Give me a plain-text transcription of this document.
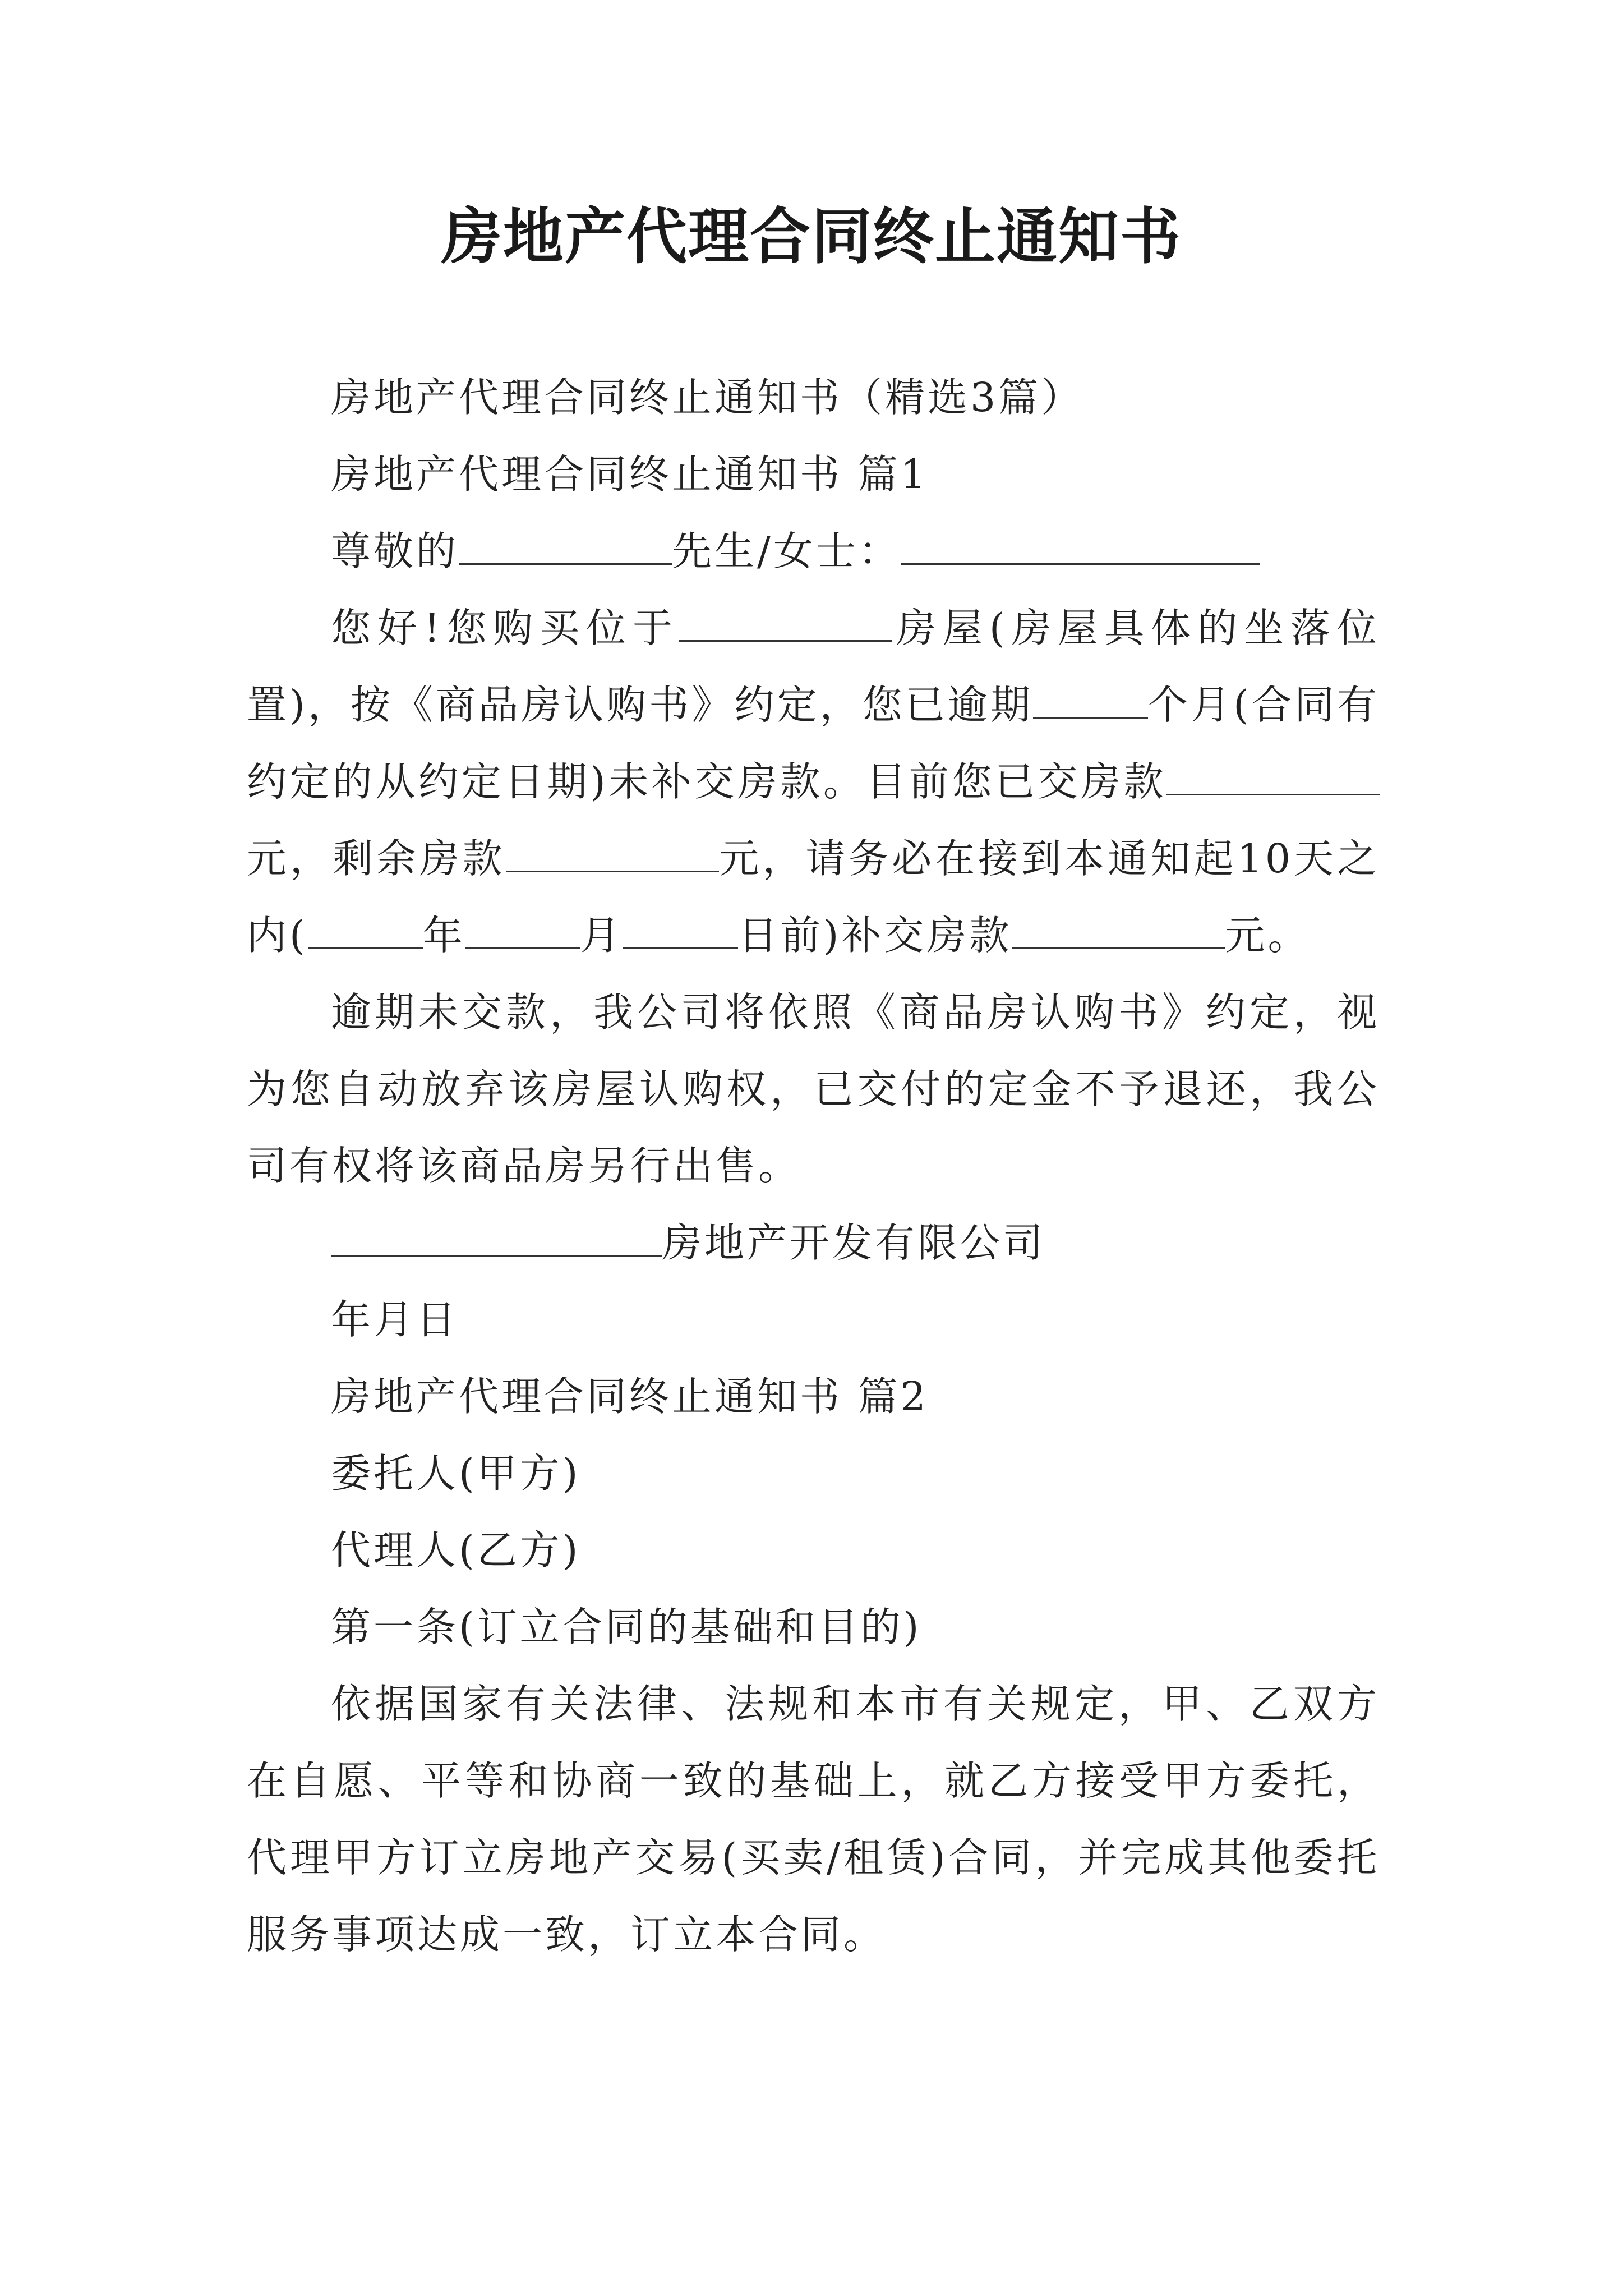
房地产代理合同终止通知书

房地产代理合同终止通知书（精选3篇）

房地产代理合同终止通知书 篇1

尊敬的	先生/女士：

您好!您购买位于	房屋(房屋具体的坐落位置)，按《商品房认购书》约定，您已逾期	个月(合同有约定的从约定日期)未补交房款。目前您已交房款元，剩余房款	元，请务必在接到本通知起10天之内(	年	月	日前)补交房款	元。

逾期未交款，我公司将依照《商品房认购书》约定，视为您自动放弃该房屋认购权，已交付的定金不予退还，我公司有权将该商品房另行出售。

房地产开发有限公司

年月日

房地产代理合同终止通知书 篇2

委托人(甲方)

代理人(乙方)

第一条(订立合同的基础和目的)

依据国家有关法律、法规和本市有关规定，甲、乙双方在自愿、平等和协商一致的基础上，就乙方接受甲方委托，代理甲方订立房地产交易(买卖/租赁)合同，并完成其他委托服务事项达成一致，订立本合同。
